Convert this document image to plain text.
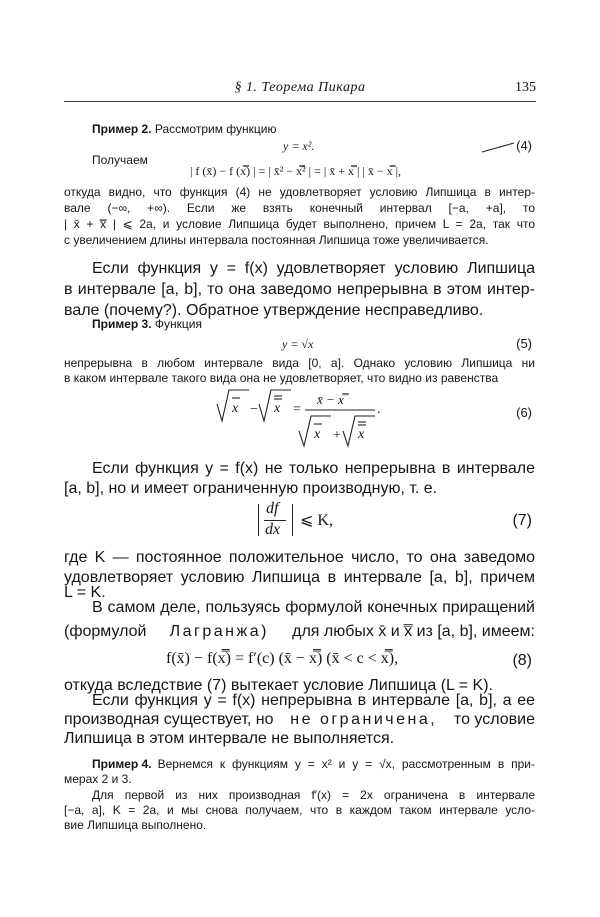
§ 1. Теорема Пикара	135
Пример 2. Рассмотрим функцию
y = x².	(4)
Получаем
| f (x̄) − f (x̿) | = | x̄² − x̿² | = | x̄ + x̿ | | x̄ − x̿ |,
откуда видно, что функция (4) не удовлетворяет условию Липшица в интер-
вале (−∞, +∞). Если же взять конечный интервал [−a, +a], то
| x̄ + x̿ | ⩽ 2a, и условие Липшица будет выполнено, причем L = 2a, так что
с увеличением длины интервала постоянная Липшица тоже увеличивается.
Если функция y = f(x) удовлетворяет условию Липшица
в интервале [a, b], то она заведомо непрерывна в этом интер-
вале (почему?). Обратное утверждение несправедливо.
Пример 3. Функция
y = √x	(5)
непрерывна в любом интервале вида [0, a]. Однако условию Липшица ни
в каком интервале такого вида она не удовлетворяет, что видно из равенства
x − x =
x̄ − x̿
x + x
.	(6)
Если функция y = f(x) не только непрерывна в интервале
[a, b], но и имеет ограниченную производную, т. е.
df
dx
⩽ K,	(7)
где K — постоянное положительное число, то она заведомо
удовлетворяет условию Липшица в интервале [a, b], причем
L = K.
В самом деле, пользуясь формулой конечных приращений
(формулой Лагранжа) для любых x̄ и x̿ из [a, b], имеем:
f(x̄) − f(x̿) = f′(c) (x̄ − x̿) (x̄ < c < x̿),	(8)
откуда вследствие (7) вытекает условие Липшица (L = K).
Если функция y = f(x) непрерывна в интервале [a, b], а ее
производная существует, но не ограничена, то условие
Липшица в этом интервале не выполняется.
Пример 4. Вернемся к функциям y = x² и y = √x, рассмотренным в при-
мерах 2 и 3.
Для первой из них производная f′(x) = 2x ограничена в интервале
[−a, a], K = 2a, и мы снова получаем, что в каждом таком интервале усло-
вие Липшица выполнено.
